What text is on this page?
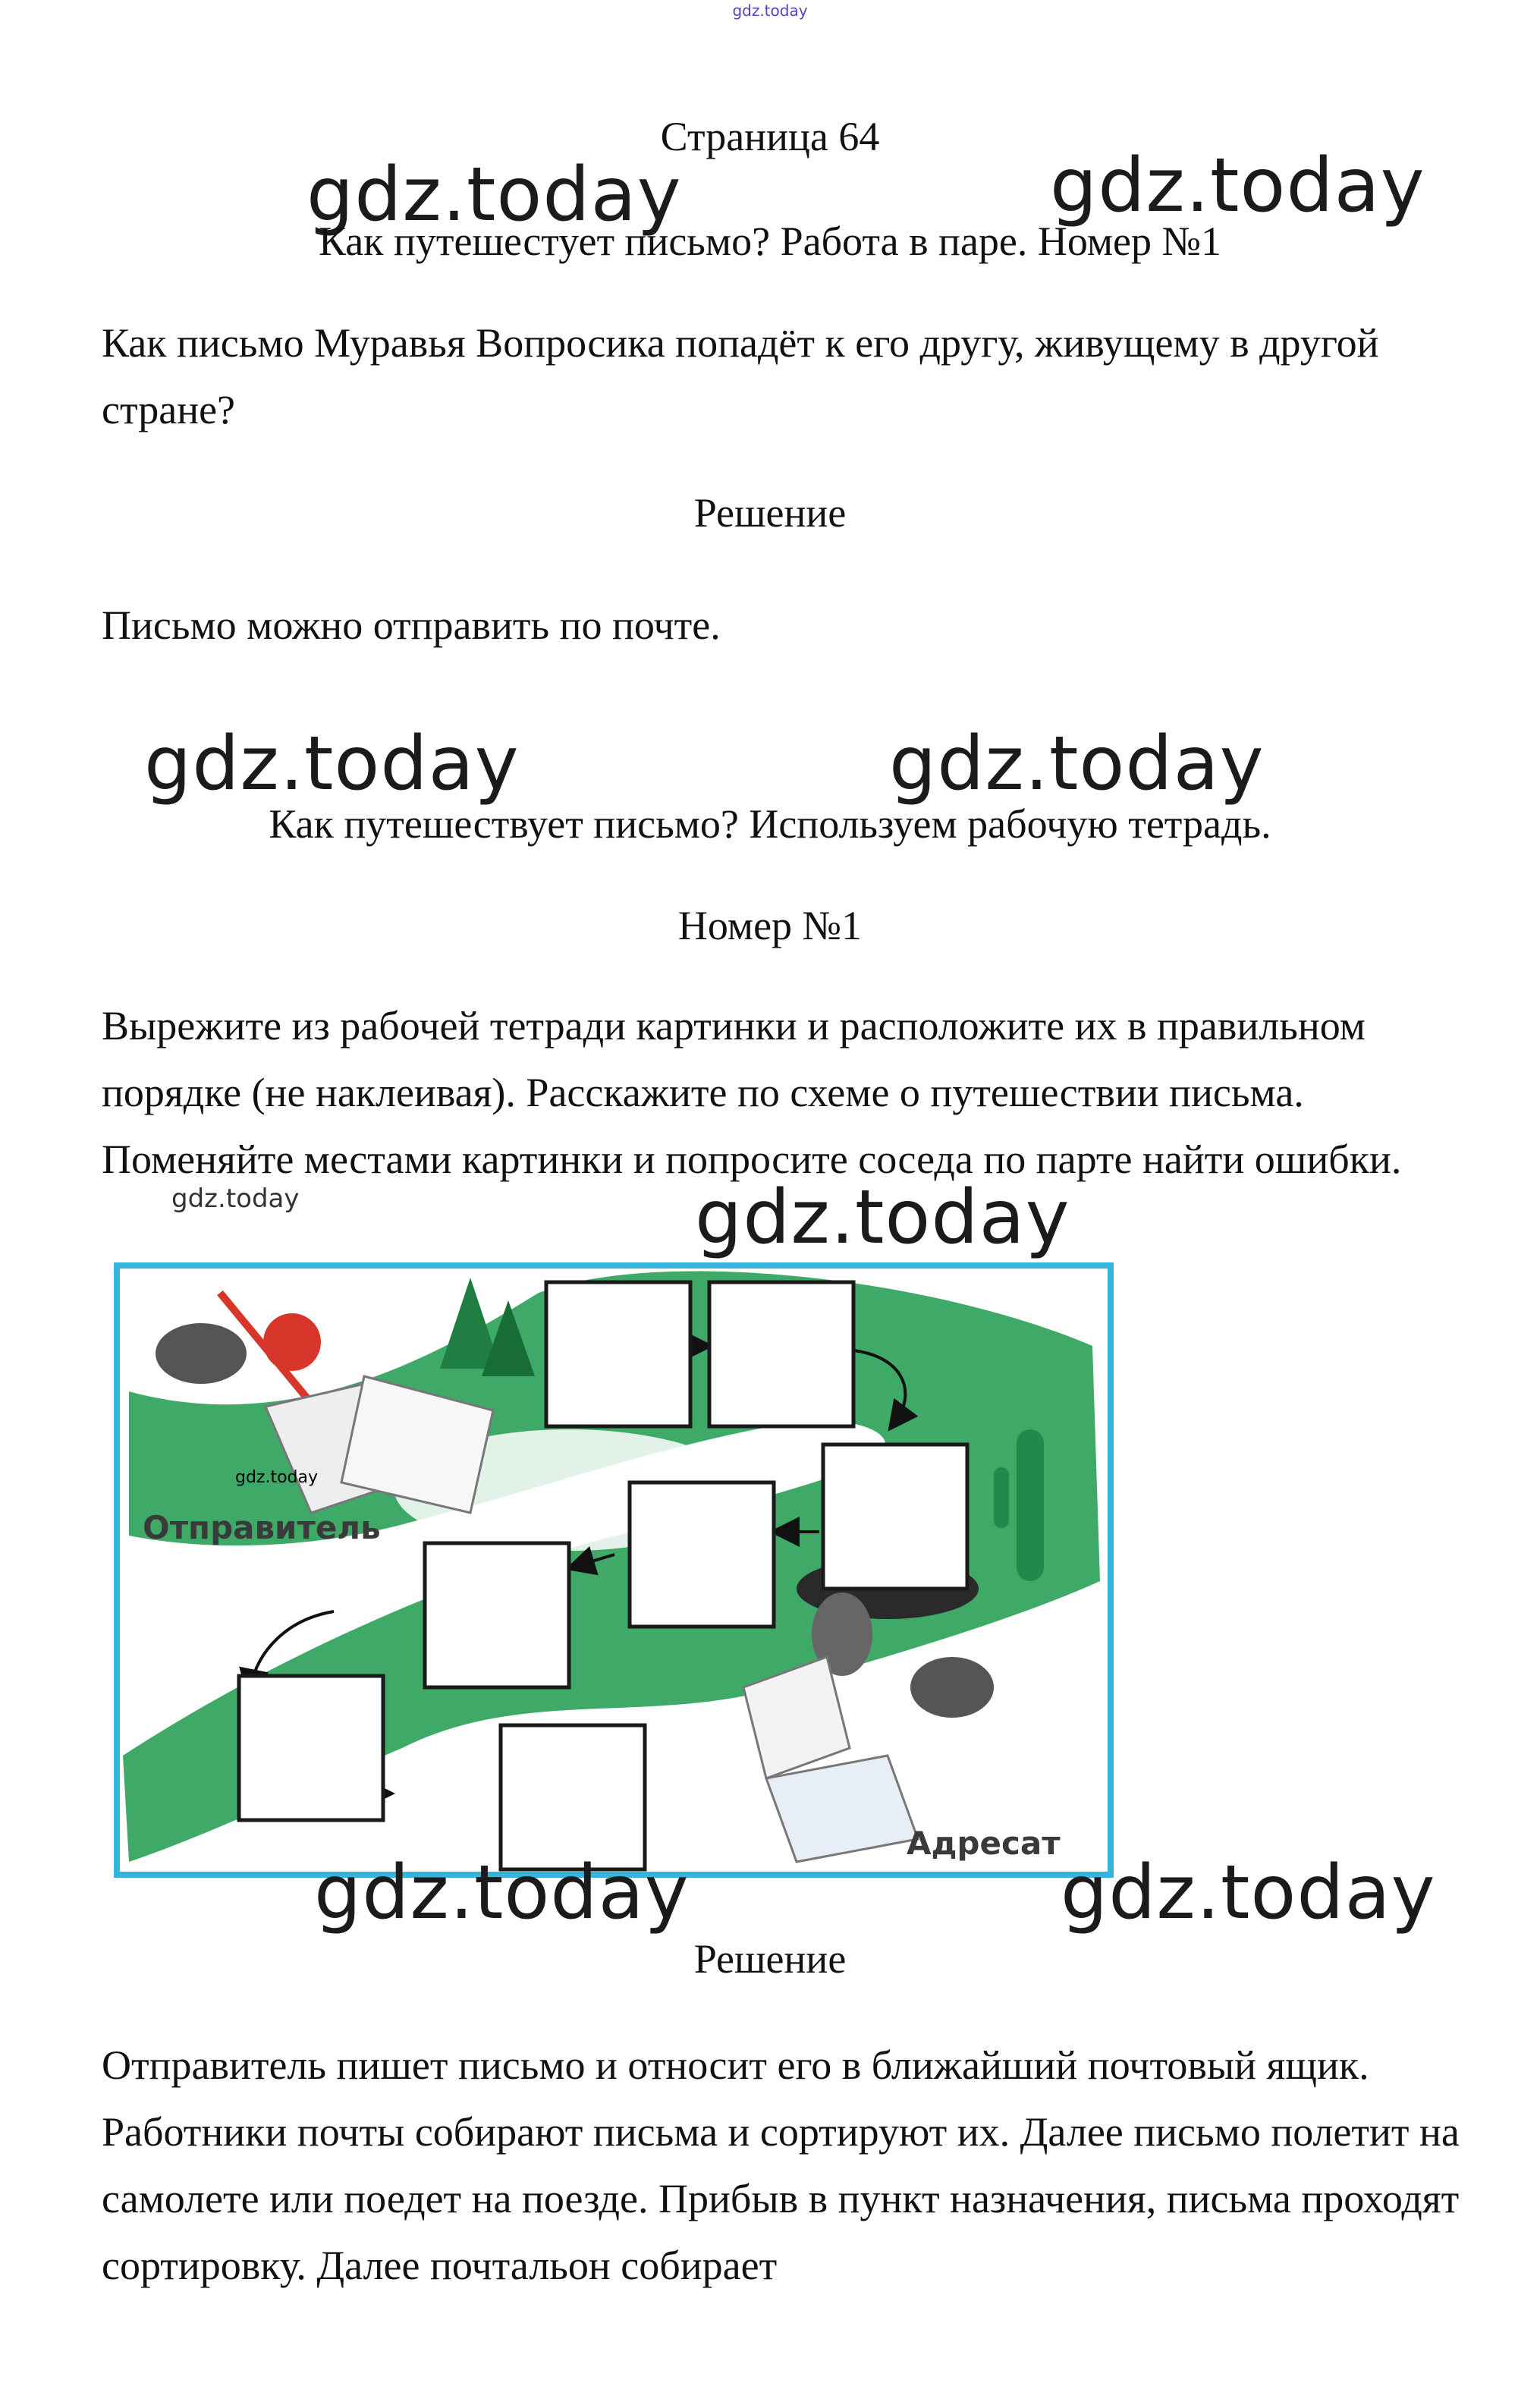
gdz.today
Страница 64
gdz.today	gdz.today
Как путешестует письмо? Работа в паре. Номер №1
Как письмо Муравья Вопросика попадёт к его другу, живущему в другой стране?
Решение
Письмо можно отправить по почте.
gdz.today	gdz.today
Как путешествует письмо? Используем рабочую тетрадь.
Номер №1
Вырежите из рабочей тетради картинки и расположите их в правильном порядке (не наклеивая). Расскажите по схеме о путешествии письма. Поменяйте местами картинки и попросите соседа по парте найти ошибки.
gdz.today	gdz.today
gdz.today
Отправитель
Адресат
gdz.today	gdz.today
Решение
Отправитель пишет письмо и относит его в ближайший почтовый ящик. Работники почты собирают письма и сортируют их. Далее письмо полетит на самолете или поедет на поезде. Прибыв в пункт назначения, письма проходят сортировку. Далее почтальон собирает
